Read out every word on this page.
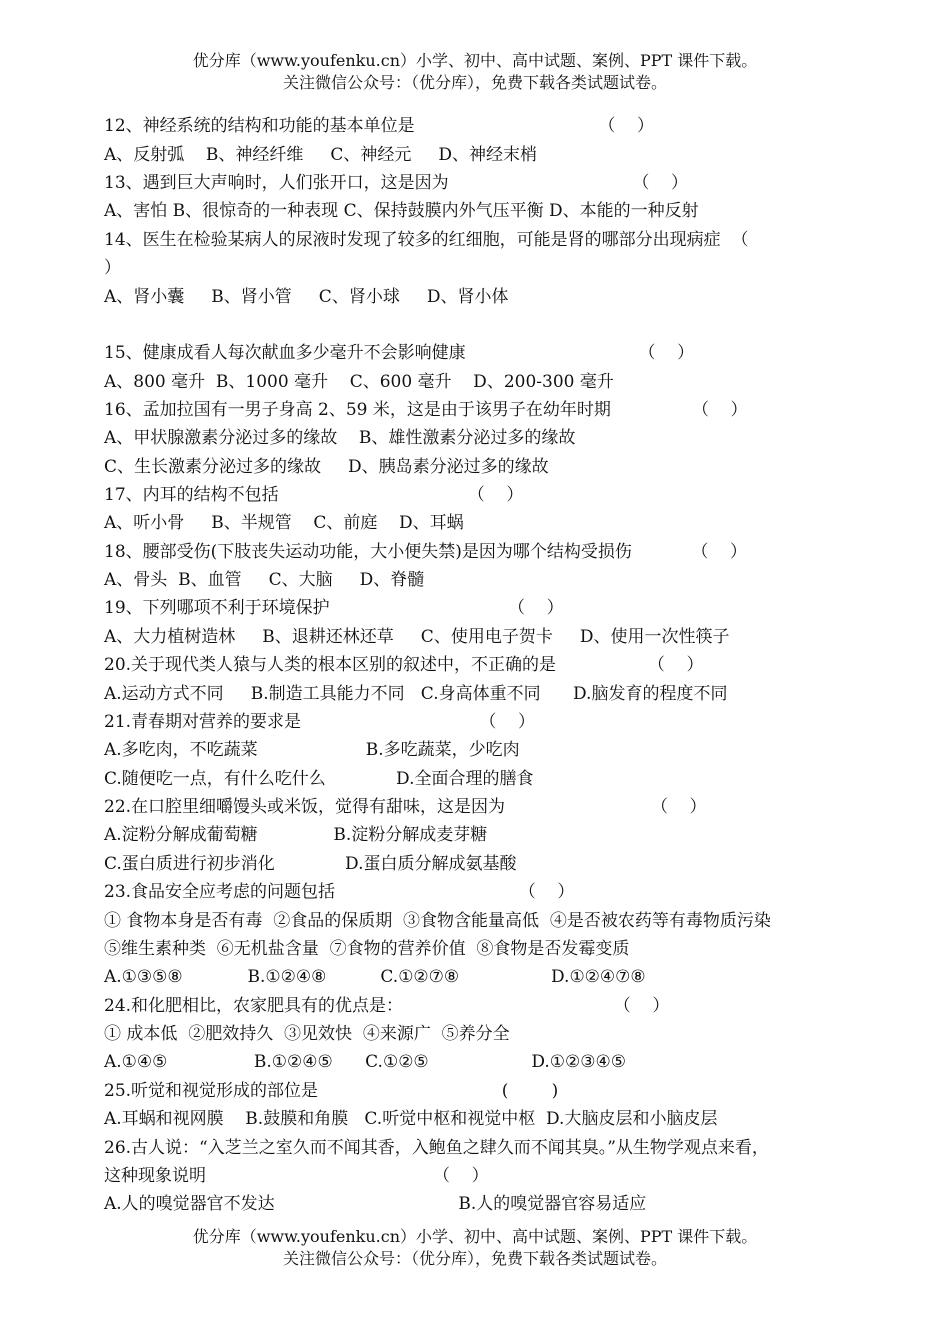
优分库（www.youfenku.cn）小学、初中、高中试题、案例、PPT 课件下载。
关注微信公众号：（优分库），免费下载各类试题试卷。
12、神经系统的结构和功能的基本单位是                                  （    ）
A、反射弧    B、神经纤维     C、神经元     D、神经末梢
13、遇到巨大声响时，人们张开口，这是因为                                  （    ）
A、害怕 B、很惊奇的一种表现 C、保持鼓膜内外气压平衡 D、本能的一种反射
14、医生在检验某病人的尿液时发现了较多的红细胞，可能是肾的哪部分出现病症  （
）
A、肾小囊     B、肾小管     C、肾小球     D、肾小体
15、健康成看人每次献血多少毫升不会影响健康                                （    ）
A、800 毫升  B、1000 毫升    C、600 毫升    D、200-300 毫升
16、孟加拉国有一男子身高 2、59 米，这是由于该男子在幼年时期               （    ）
A、甲状腺激素分泌过多的缘故    B、雄性激素分泌过多的缘故
C、生长激素分泌过多的缘故     D、胰岛素分泌过多的缘故
17、内耳的结构不包括                                   （    ）
A、听小骨     B、半规管    C、前庭    D、耳蜗
18、腰部受伤(下肢丧失运动功能，大小便失禁)是因为哪个结构受损伤           （    ）
A、骨头  B、血管     C、大脑     D、脊髓
19、下列哪项不利于环境保护                                 （    ）
A、大力植树造林     B、退耕还林还草     C、使用电子贺卡     D、使用一次性筷子
20.关于现代类人猿与人类的根本区别的叙述中，不正确的是                 （    ）
A.运动方式不同     B.制造工具能力不同   C.身高体重不同      D.脑发育的程度不同
21.青春期对营养的要求是                                 （    ）
A.多吃肉，不吃蔬菜                    B.多吃蔬菜，少吃肉
C.随便吃一点，有什么吃什么             D.全面合理的膳食
22.在口腔里细嚼馒头或米饭，觉得有甜味，这是因为                           （    ）
A.淀粉分解成葡萄糖              B.淀粉分解成麦芽糖
C.蛋白质进行初步消化             D.蛋白质分解成氨基酸
23.食品安全应考虑的问题包括                                  （    ）
① 食物本身是否有毒  ②食品的保质期  ③食物含能量高低  ④是否被农药等有毒物质污染
⑤维生素种类  ⑥无机盐含量  ⑦食物的营养价值  ⑧食物是否发霉变质
A.①③⑤⑧            B.①②④⑧          C.①②⑦⑧                 D.①②④⑦⑧
24.和化肥相比，农家肥具有的优点是：                                       （    ）
① 成本低  ②肥效持久  ③见效快  ④来源广  ⑤养分全
A.①④⑤                B.①②④⑤      C.①②⑤                   D.①②③④⑤
25.听觉和视觉形成的部位是                                  (        )
A.耳蜗和视网膜    B.鼓膜和角膜   C.听觉中枢和视觉中枢  D.大脑皮层和小脑皮层
26.古人说：“入芝兰之室久而不闻其香，入鲍鱼之肆久而不闻其臭。”从生物学观点来看，
这种现象说明                                          （    ）
A.人的嗅觉器官不发达                                  B.人的嗅觉器官容易适应
优分库（www.youfenku.cn）小学、初中、高中试题、案例、PPT 课件下载。
关注微信公众号：（优分库），免费下载各类试题试卷。
